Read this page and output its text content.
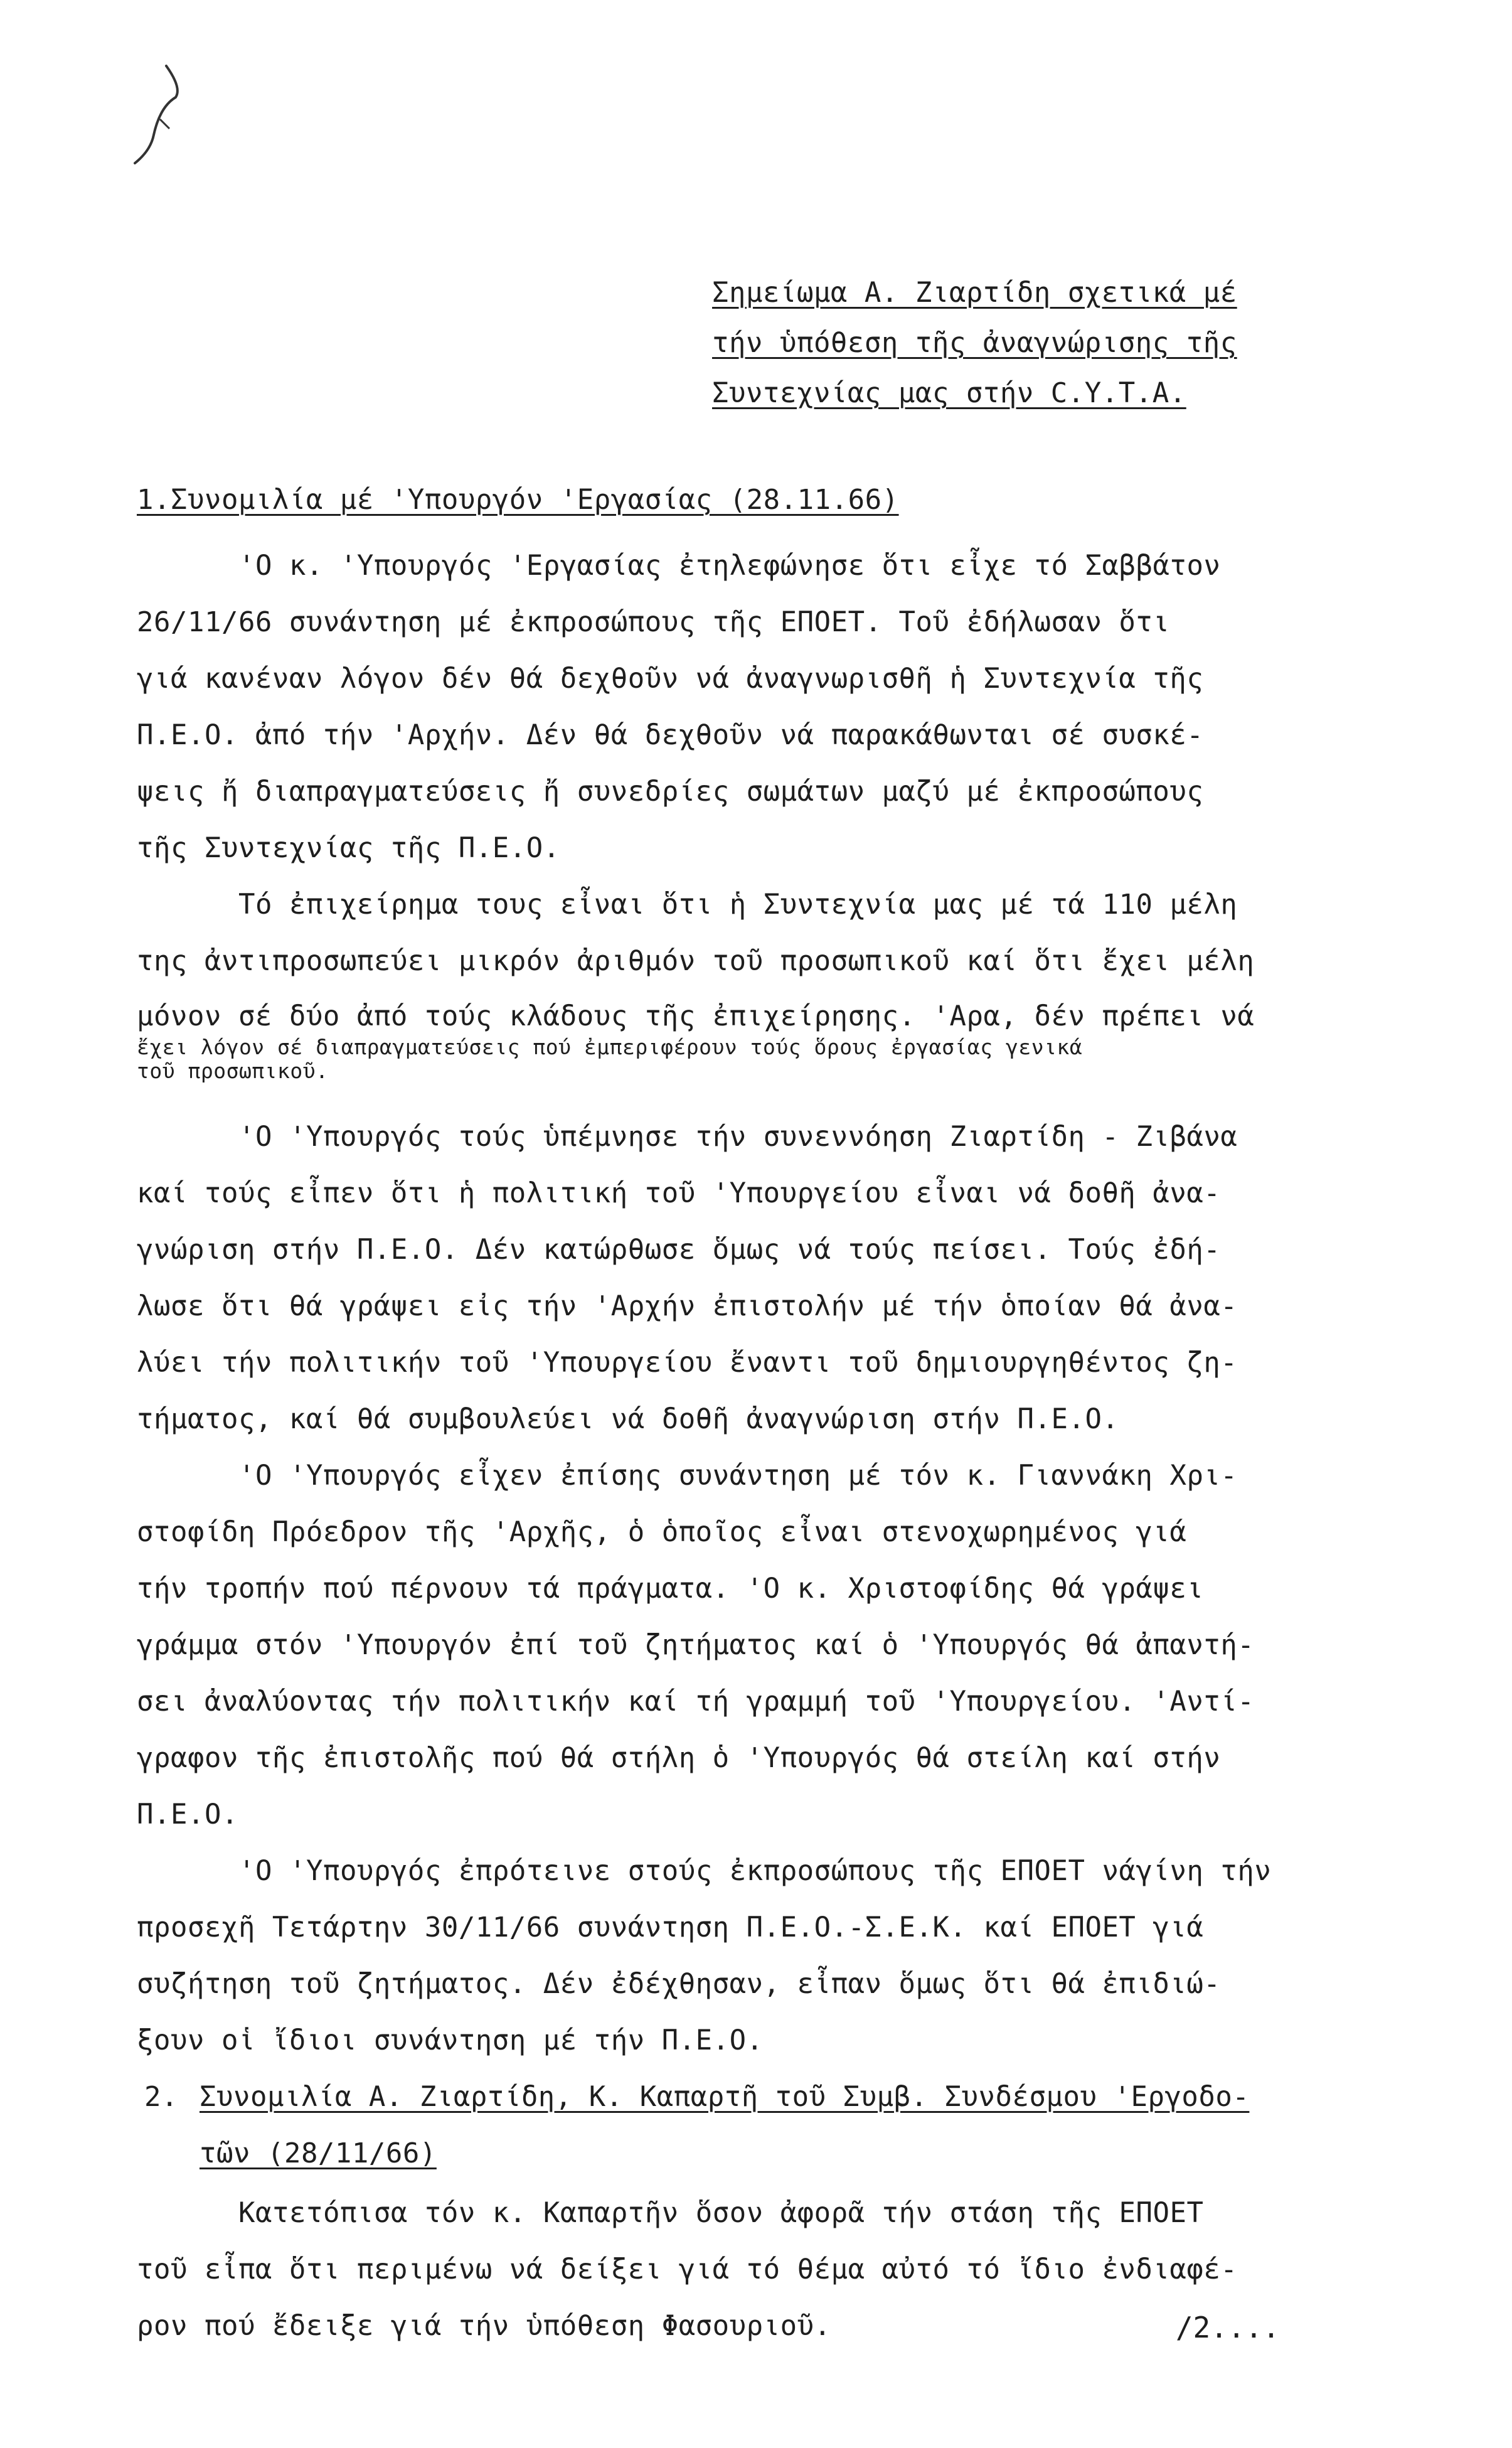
Σημείωμα Α. Ζιαρτίδη σχετικά μέ
τήν ὑπόθεση τῆς ἀναγνώρισης τῆς
Συντεχνίας μας στήν C.Υ.Τ.Α.
1.Συνομιλία μέ 'Υπουργόν 'Εργασίας (28.11.66)
'Ο κ. 'Υπουργός 'Εργασίας ἐτηλεφώνησε ὅτι εἶχε τό Σαββάτον
26/11/66 συνάντηση μέ ἐκπροσώπους τῆς ΕΠΟΕΤ. Τοῦ ἐδήλωσαν ὅτι
γιά κανέναν λόγον δέν θά δεχθοῦν νά ἀναγνωρισθῆ ἡ Συντεχνία τῆς
Π.Ε.Ο. ἀπό τήν 'Αρχήν. Δέν θά δεχθοῦν νά παρακάθωνται σέ συσκέ-
ψεις ἤ διαπραγματεύσεις ἤ συνεδρίες σωμάτων μαζύ μέ ἐκπροσώπους
τῆς Συντεχνίας τῆς Π.Ε.Ο.
Τό ἐπιχείρημα τους εἶναι ὅτι ἡ Συντεχνία μας μέ τά 110 μέλη
της ἀντιπροσωπεύει μικρόν ἀριθμόν τοῦ προσωπικοῦ καί ὅτι ἔχει μέλη
μόνον σέ δύο ἀπό τούς κλάδους τῆς ἐπιχείρησης. 'Αρα, δέν πρέπει νά
ἔχει λόγον σέ διαπραγματεύσεις πού ἐμπεριφέρουν τούς ὅρους ἐργασίας γενικά
τοῦ προσωπικοῦ.
'Ο 'Υπουργός τούς ὑπέμνησε τήν συνεννόηση Ζιαρτίδη - Ζιβάνα
καί τούς εἶπεν ὅτι ἡ πολιτική τοῦ 'Υπουργείου εἶναι νά δοθῆ ἀνα-
γνώριση στήν Π.Ε.Ο. Δέν κατώρθωσε ὅμως νά τούς πείσει. Τούς ἐδή-
λωσε ὅτι θά γράψει εἰς τήν 'Αρχήν ἐπιστολήν μέ τήν ὁποίαν θά ἀνα-
λύει τήν πολιτικήν τοῦ 'Υπουργείου ἔναντι τοῦ δημιουργηθέντος ζη-
τήματος, καί θά συμβουλεύει νά δοθῆ ἀναγνώριση στήν Π.Ε.Ο.
'Ο 'Υπουργός εἶχεν ἐπίσης συνάντηση μέ τόν κ. Γιαννάκη Χρι-
στοφίδη Πρόεδρον τῆς 'Αρχῆς, ὁ ὁποῖος εἶναι στενοχωρημένος γιά
τήν τροπήν πού πέρνουν τά πράγματα. 'Ο κ. Χριστοφίδης θά γράψει
γράμμα στόν 'Υπουργόν ἐπί τοῦ ζητήματος καί ὁ 'Υπουργός θά ἀπαντή-
σει ἀναλύοντας τήν πολιτικήν καί τή γραμμή τοῦ 'Υπουργείου. 'Αντί-
γραφον τῆς ἐπιστολῆς πού θά στήλη ὁ 'Υπουργός θά στείλη καί στήν
Π.Ε.Ο.
'Ο 'Υπουργός ἐπρότεινε στούς ἐκπροσώπους τῆς ΕΠΟΕΤ νάγίνη τήν
προσεχῆ Τετάρτην 30/11/66 συνάντηση Π.Ε.Ο.-Σ.Ε.Κ. καί ΕΠΟΕΤ γιά
συζήτηση τοῦ ζητήματος. Δέν ἐδέχθησαν, εἶπαν ὅμως ὅτι θά ἐπιδιώ-
ξουν οἱ ἴδιοι συνάντηση μέ τήν Π.Ε.Ο.
2. Συνομιλία Α. Ζιαρτίδη, Κ. Καπαρτῆ τοῦ Συμβ. Συνδέσμου 'Εργοδο-
τῶν (28/11/66)
Κατετόπισα τόν κ. Καπαρτῆν ὅσον ἀφορᾶ τήν στάση τῆς ΕΠΟΕΤ
τοῦ εἶπα ὅτι περιμένω νά δείξει γιά τό θέμα αὐτό τό ἴδιο ἐνδιαφέ-
ρον πού ἔδειξε γιά τήν ὑπόθεση Φασουριοῦ.	/2....
